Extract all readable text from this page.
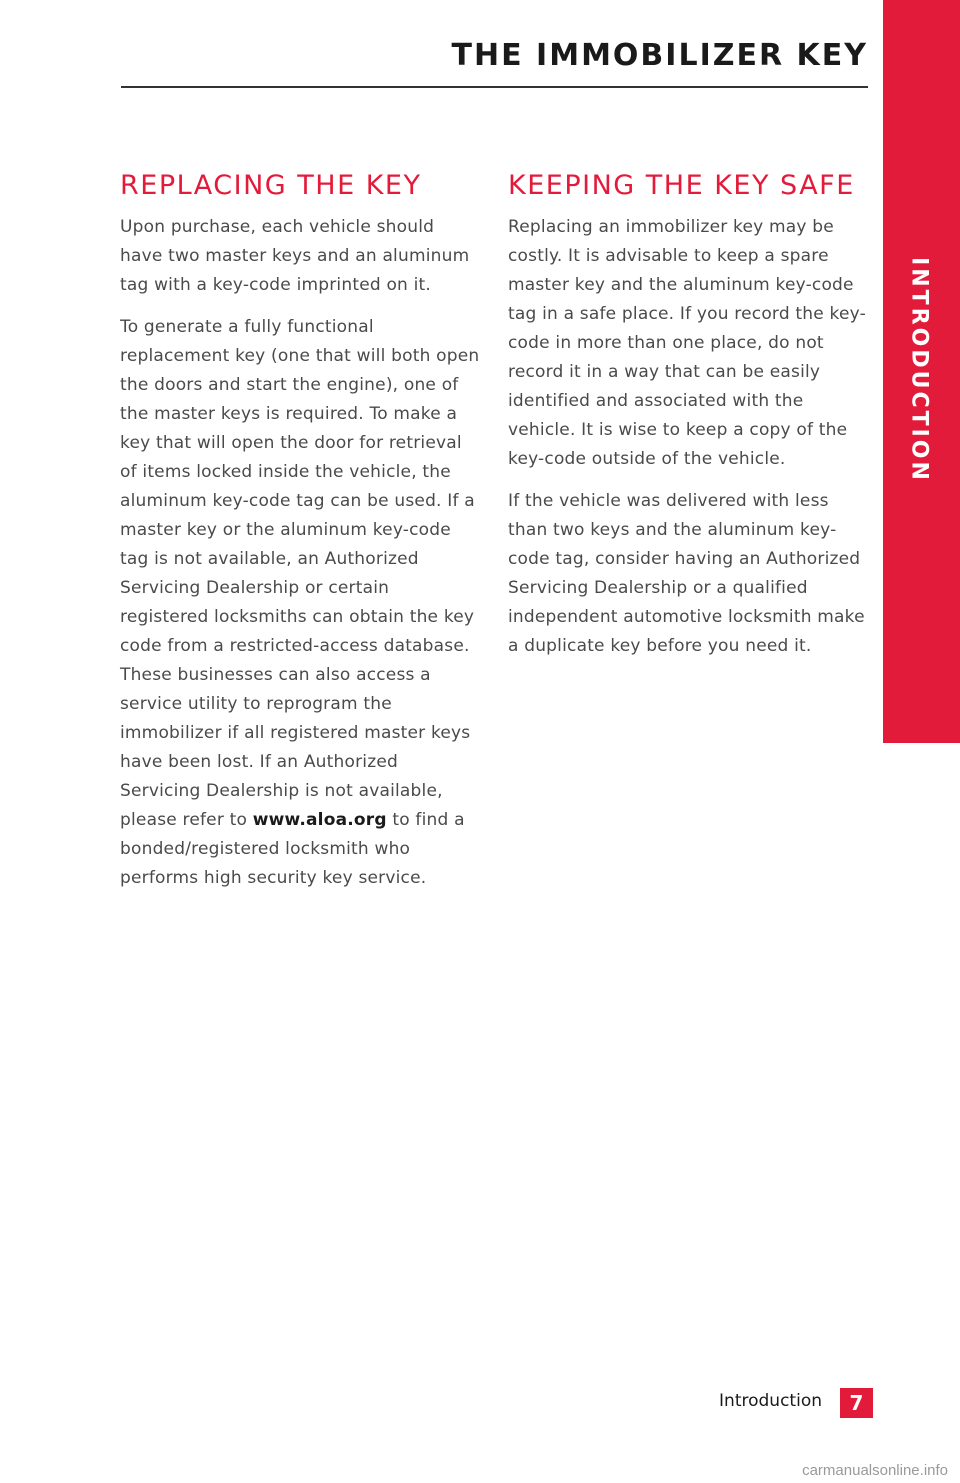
INTRODUCTION
THE IMMOBILIZER KEY
REPLACING THE KEY

Upon purchase, each vehicle should have two master keys and an aluminum tag with a key-code imprinted on it.

To generate a fully functional replacement key (one that will both open the doors and start the engine), one of the master keys is required. To make a key that will open the door for retrieval of items locked inside the vehicle, the aluminum key-code tag can be used. If a master key or the aluminum key-code tag is not available, an Authorized Servicing Dealership or certain registered locksmiths can obtain the key code from a restricted-access database. These businesses can also access a service utility to reprogram the immobilizer if all registered master keys have been lost. If an Authorized Servicing Dealership is not available, please refer to www.aloa.org to find a bonded/registered locksmith who performs high security key service.

KEEPING THE KEY SAFE

Replacing an immobilizer key may be costly. It is advisable to keep a spare master key and the aluminum key-code tag in a safe place. If you record the key-code in more than one place, do not record it in a way that can be easily identified and associated with the vehicle. It is wise to keep a copy of the key-code outside of the vehicle.

If the vehicle was delivered with less than two keys and the aluminum key-code tag, consider having an Authorized Servicing Dealership or a qualified independent automotive locksmith make a duplicate key before you need it.

Introduction	7
carmanualsonline.info
